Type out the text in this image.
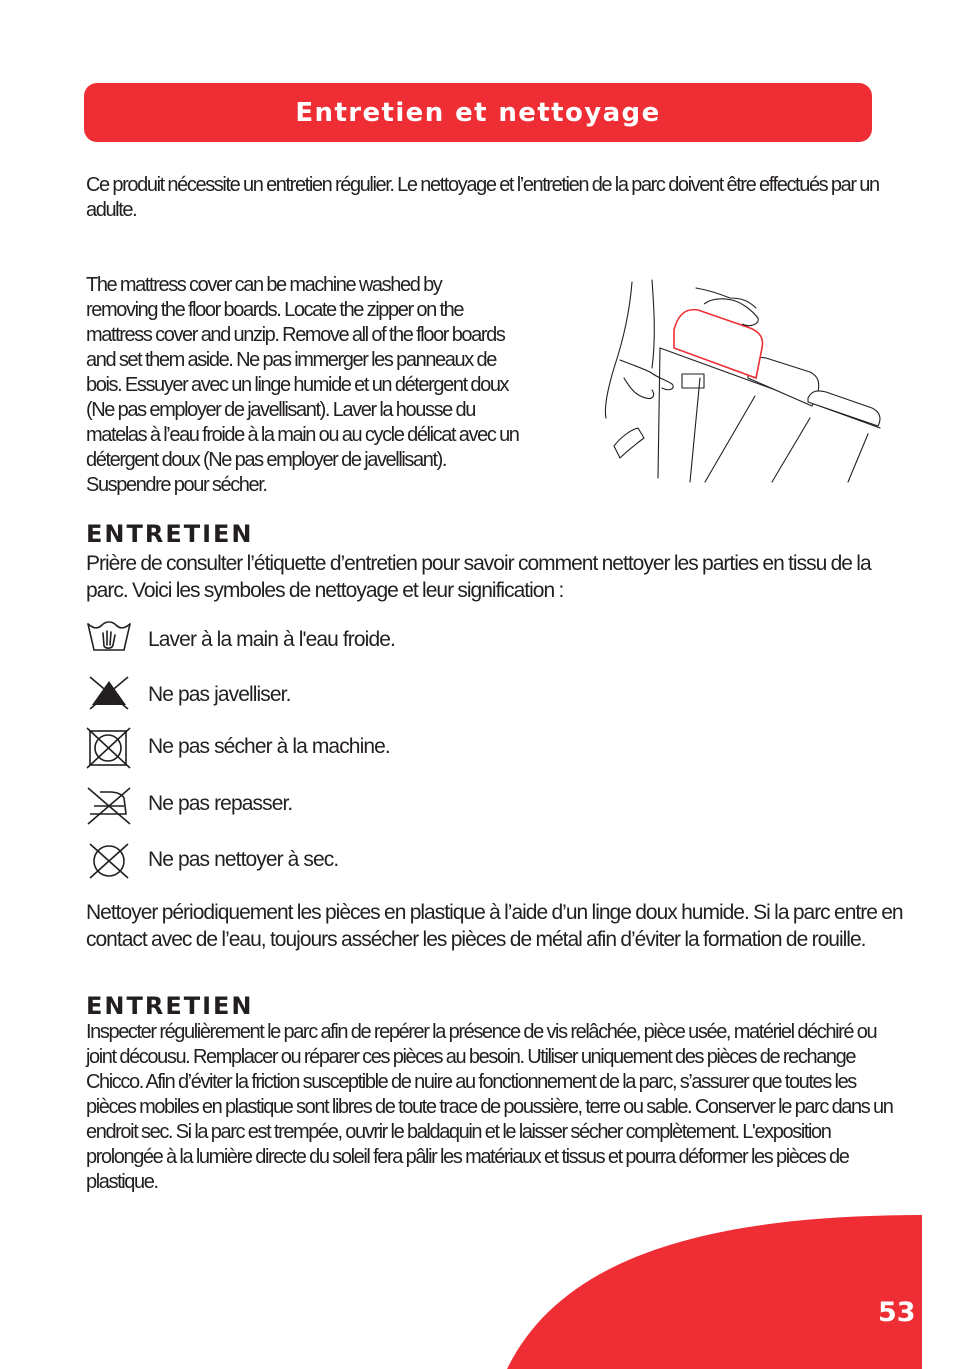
Entretien et nettoyage

Ce produit nécessite un entretien régulier. Le nettoyage et l’entretien de la parc doivent être effectués par un adulte.

The mattress cover can be machine washed by
removing the floor boards. Locate the zipper on the
mattress cover and unzip. Remove all of the floor boards
and set them aside. Ne pas immerger les panneaux de
bois. Essuyer avec un linge humide et un détergent doux
(Ne pas employer de javellisant). Laver la housse du
matelas à l’eau froide à la main ou au cycle délicat avec un
détergent doux (Ne pas employer de javellisant).
Suspendre pour sécher.
ENTRETIEN

Prière de consulter l’étiquette d’entretien pour savoir comment nettoyer les parties en tissu de la parc. Voici les symboles de nettoyage et leur signification :

Laver à la main à l'eau froide.
Ne pas javelliser.
Ne pas sécher à la machine.
Ne pas repasser.
Ne pas nettoyer à sec.

Nettoyer périodiquement les pièces en plastique à l’aide d’un linge doux humide. Si la parc entre en contact avec de l’eau, toujours assécher les pièces de métal afin d’éviter la formation de rouille.

ENTRETIEN

Inspecter régulièrement le parc afin de repérer la présence de vis relâchée, pièce usée, matériel déchiré ou joint décousu. Remplacer ou réparer ces pièces au besoin. Utiliser uniquement des pièces de rechange Chicco. Afin d’éviter la friction susceptible de nuire au fonctionnement de la parc, s’assurer que toutes les pièces mobiles en plastique sont libres de toute trace de poussière, terre ou sable. Conserver le parc dans un endroit sec. Si la parc est trempée, ouvrir le baldaquin et le laisser sécher complètement. L'exposition prolongée à la lumière directe du soleil fera pâlir les matériaux et tissus et pourra déformer les pièces de plastique.

53
